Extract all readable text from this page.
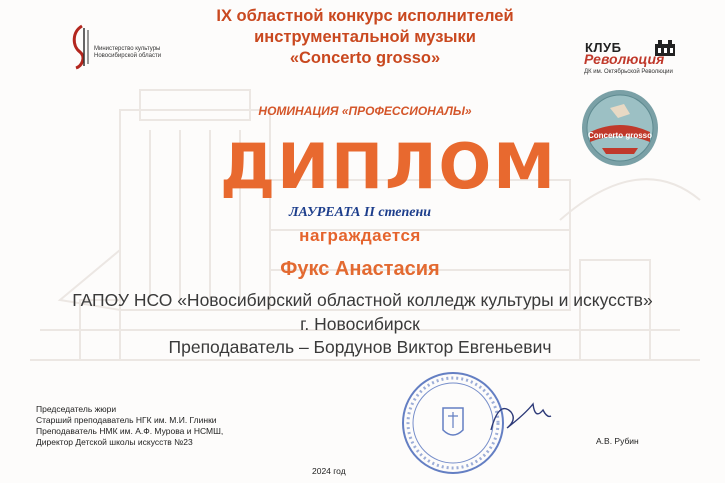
Министерство культуры
Новосибирской области
IX областной конкурс исполнителей
инструментальной музыки
«Concerto grosso»
КЛУБ
Революция
ДК им. Октябрьской Революции
Concerto grosso
НОМИНАЦИЯ «ПРОФЕССИОНАЛЫ»
ДИПЛОМ
ЛАУРЕАТА II степени
награждается
Фукс Анастасия
ГАПОУ НСО «Новосибирский областной колледж культуры и искусств»
г. Новосибирск
Преподаватель – Бордунов Виктор Евгеньевич
Председатель жюри
Старший преподаватель НГК им. М.И. Глинки
Преподаватель НМК им. А.Ф. Мурова и НСМШ,
Директор Детской школы искусств №23	А.В. Рубин
2024 год
